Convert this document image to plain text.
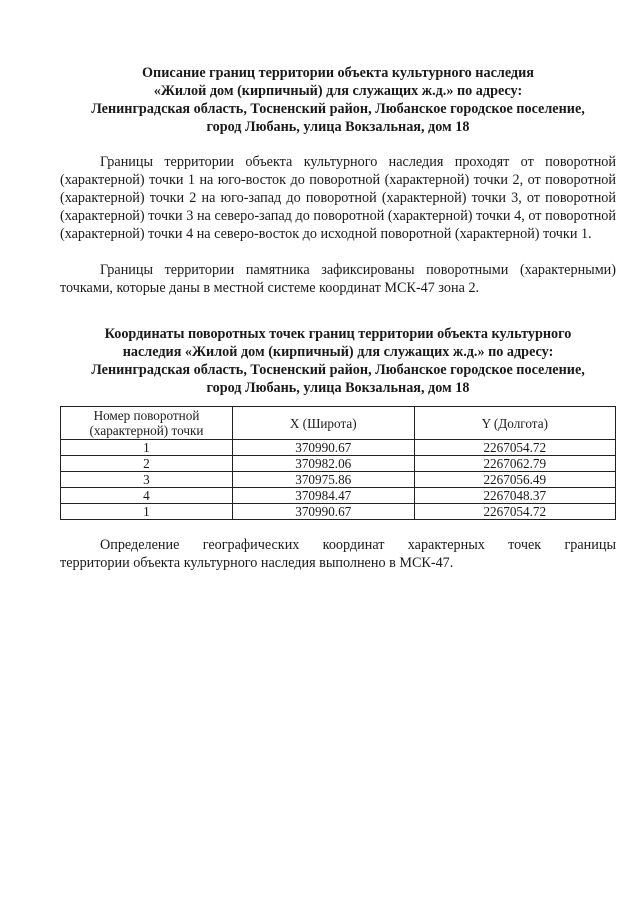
Описание границ территории объекта культурного наследия
«Жилой дом (кирпичный) для служащих ж.д.» по адресу:
Ленинградская область, Тосненский район, Любанское городское поселение,
город Любань, улица Вокзальная, дом 18

Границы территории объекта культурного наследия проходят от поворотной (характерной) точки 1 на юго-восток до поворотной (характерной) точки 2, от поворотной (характерной) точки 2 на юго-запад до поворотной (характерной) точки 3, от поворотной (характерной) точки 3 на северо-запад до поворотной (характерной) точки 4, от поворотной (характерной) точки 4 на северо-восток до исходной поворотной (характерной) точки 1.

Границы территории памятника зафиксированы поворотными (характерными) точками, которые даны в местной системе координат МСК-47 зона 2.

Координаты поворотных точек границ территории объекта культурного
наследия «Жилой дом (кирпичный) для служащих ж.д.» по адресу:
Ленинградская область, Тосненский район, Любанское городское поселение,
город Любань, улица Вокзальная, дом 18
Номер поворотной
(характерной) точки	X (Широта)	Y (Долгота)
1	370990.67	2267054.72
2	370982.06	2267062.79
3	370975.86	2267056.49
4	370984.47	2267048.37
1	370990.67	2267054.72
Определение географических координат характерных точек границы
территории объекта культурного наследия выполнено в МСК-47.
